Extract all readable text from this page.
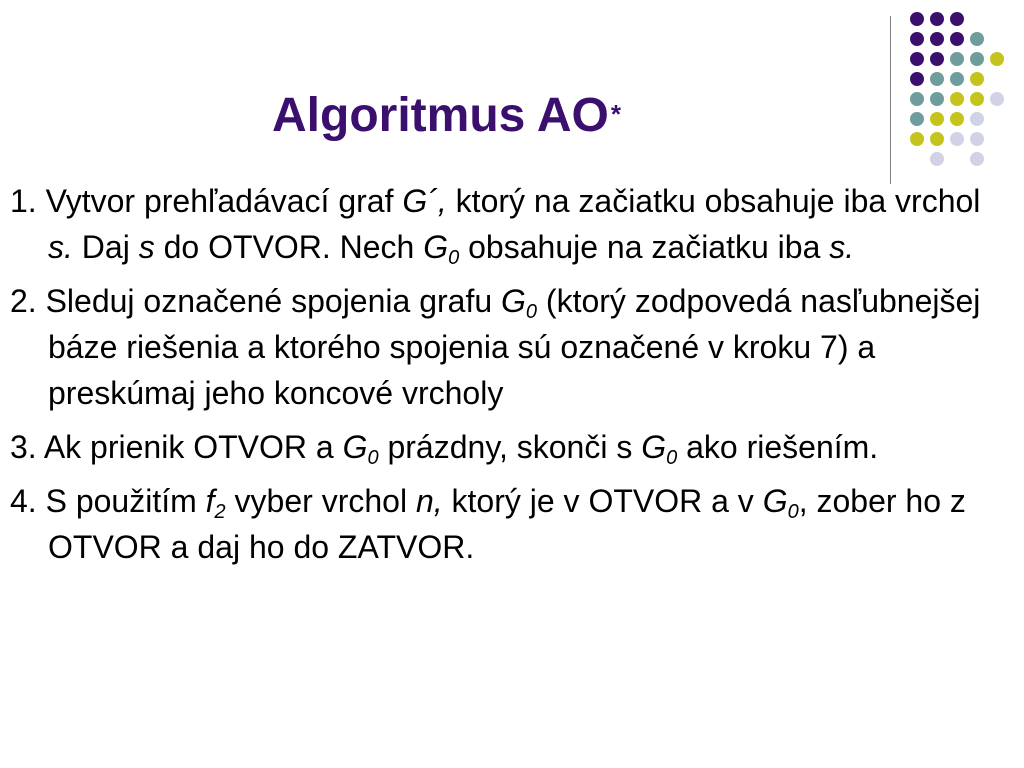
Algoritmus AO*
1. Vytvor prehľadávací graf G´, ktorý na začiatku obsahuje iba vrchol s. Daj s do OTVOR. Nech $G_0$ obsahuje na začiatku iba s.
2. Sleduj označené spojenia grafu $G_0$ (ktorý zodpovedá nasľubnejšej báze riešenia a ktorého spojenia sú označené v kroku 7) a preskúmaj jeho koncové vrcholy
3. Ak prienik OTVOR a $G_0$ prázdny, skonči s $G_0$ ako riešením.
4. S použitím $f_2$ vyber vrchol n, ktorý je v OTVOR a v $G_0$, zober ho z OTVOR a daj ho do ZATVOR.
